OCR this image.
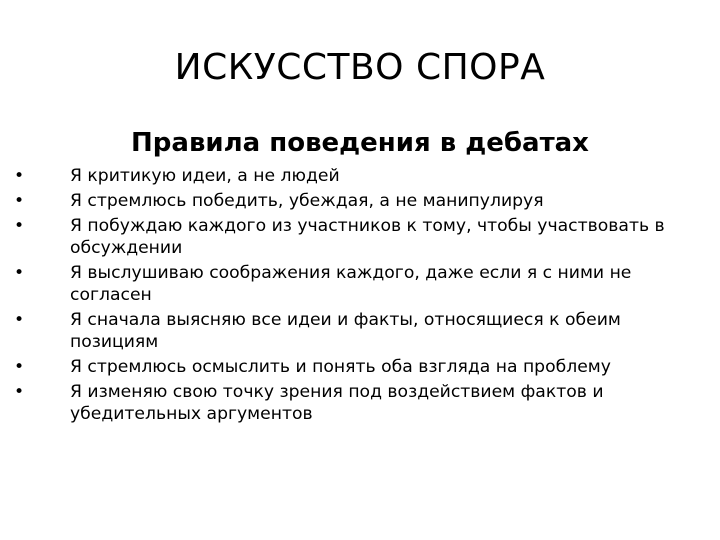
ИСКУССТВО СПОРА
Правила поведения в дебатах
•	Я критикую идеи, а не людей
•	Я стремлюсь победить, убеждая, а не манипулируя
•	Я побуждаю каждого из участников к тому, чтобы участвовать в обсуждении
•	Я выслушиваю соображения каждого, даже если я с ними не согласен
•	Я сначала выясняю все идеи и факты, относящиеся к обеим позициям
•	Я стремлюсь осмыслить и понять оба взгляда на проблему
•	Я изменяю свою точку зрения под воздействием фактов и убедительных аргументов
